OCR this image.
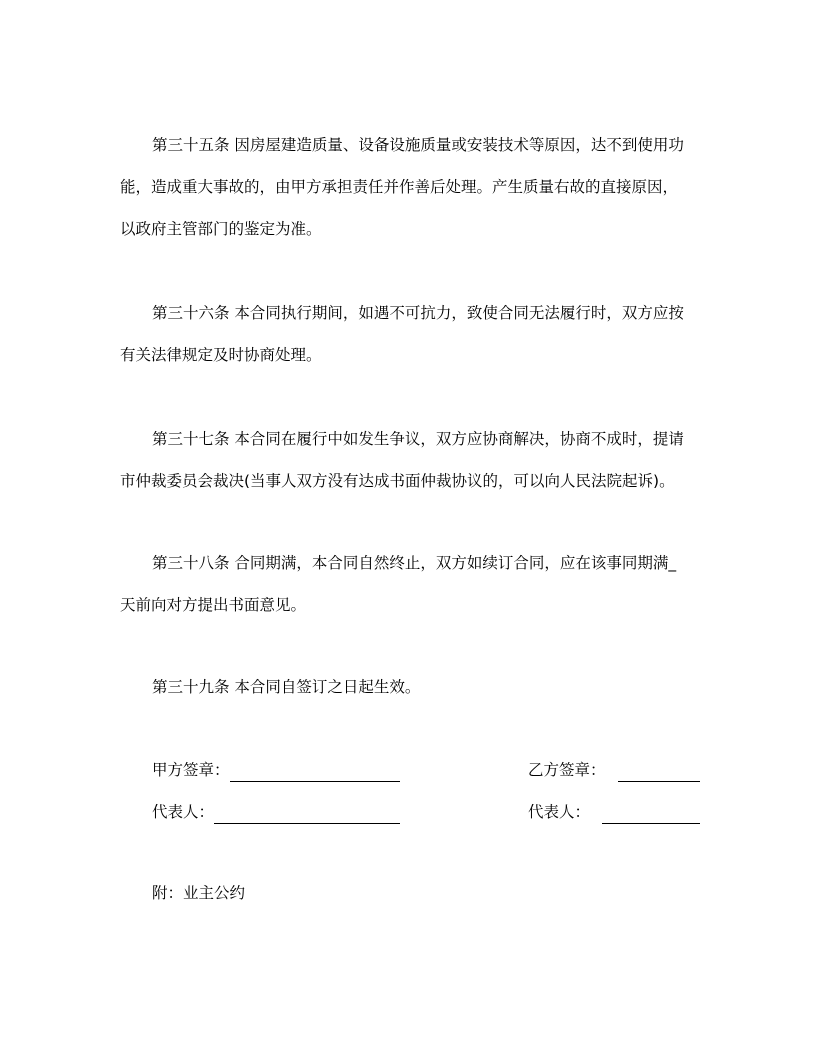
第三十五条 因房屋建造质量、设备设施质量或安装技术等原因，达不到使用功
能，造成重大事故的，由甲方承担责任并作善后处理。产生质量右故的直接原因，
以政府主管部门的鉴定为准。
第三十六条 本合同执行期间，如遇不可抗力，致使合同无法履行时，双方应按
有关法律规定及时协商处理。
第三十七条 本合同在履行中如发生争议，双方应协商解决，协商不成时，提请
市仲裁委员会裁决(当事人双方没有达成书面仲裁协议的，可以向人民法院起诉)。
第三十八条 合同期满，本合同自然终止，双方如续订合同，应在该事同期满_
天前向对方提出书面意见。
第三十九条 本合同自签订之日起生效。
甲方签章：	乙方签章：
代表人：	代表人：
附：业主公约
